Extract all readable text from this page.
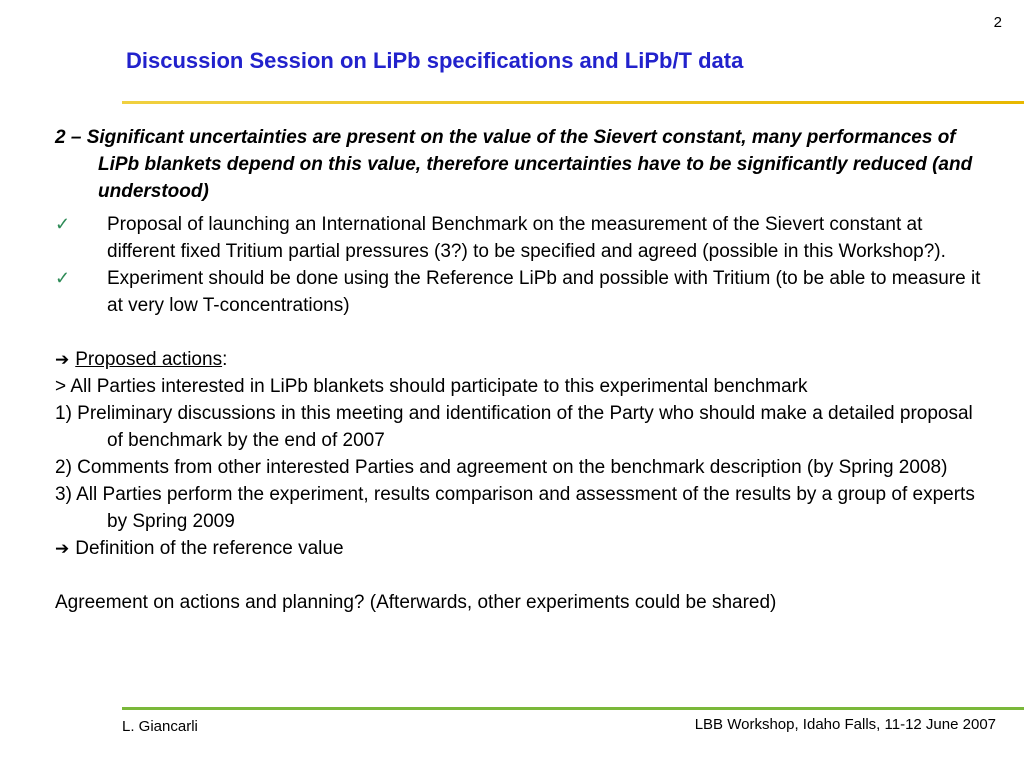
2
Discussion Session on LiPb specifications and LiPb/T data

2 – Significant uncertainties are present on the value of the Sievert constant, many performances of LiPb blankets depend on this value, therefore uncertainties have to be significantly reduced (and understood)

✓	Proposal of launching an International Benchmark on the measurement of the Sievert constant at different fixed Tritium partial pressures (3?) to be specified and agreed (possible in this Workshop?).
✓	Experiment should be done using the Reference LiPb and possible with Tritium (to be able to measure it at very low T-concentrations)

➔ Proposed actions:

> All Parties interested in LiPb blankets should participate to this experimental benchmark

1) Preliminary discussions in this meeting and identification of the Party who should make a detailed proposal of benchmark by the end of 2007

2) Comments from other interested Parties and agreement on the benchmark description (by Spring 2008)

3) All Parties perform the experiment, results comparison and assessment of the results by a group of experts by Spring 2009

➔ Definition of the reference value

Agreement on actions and planning? (Afterwards, other experiments could be shared)

L. Giancarli	LBB Workshop, Idaho Falls, 11-12 June 2007
